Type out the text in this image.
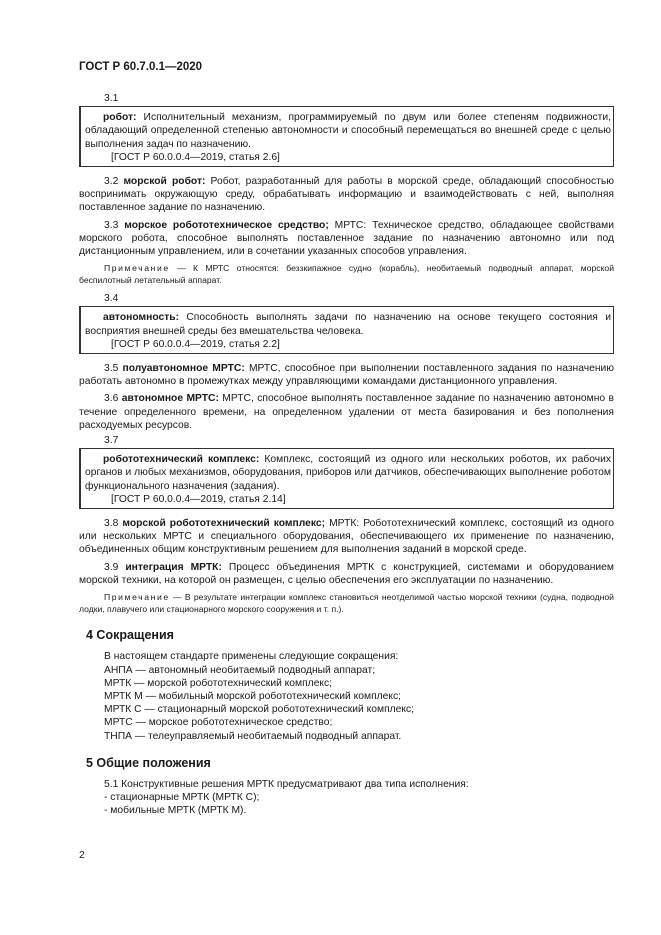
ГОСТ Р 60.7.0.1—2020

3.1

робот: Исполнительный механизм, программируемый по двум или более степеням подвижности, обладающий определенной степенью автономности и способный перемещаться во внешней среде с целью выполнения задач по назначению.

[ГОСТ Р 60.0.0.4—2019, статья 2.6]

3.2 морской робот: Робот, разработанный для работы в морской среде, обладающий способностью воспринимать окружающую среду, обрабатывать информацию и взаимодействовать с ней, выполняя поставленное задание по назначению.

3.3 морское робототехническое средство; МРТС: Техническое средство, обладающее свойствами морского робота, способное выполнять поставленное задание по назначению автономно или под дистанционным управлением, или в сочетании указанных способов управления.

Примечание — К МРТС относятся: беззкипажное судно (корабль), необитаемый подводный аппарат, морской беспилотный летательный аппарат.

3.4

автономность: Способность выполнять задачи по назначению на основе текущего состояния и восприятия внешней среды без вмешательства человека.

[ГОСТ Р 60.0.0.4—2019, статья 2.2]

3.5 полуавтономное МРТС: МРТС, способное при выполнении поставленного задания по назначению работать автономно в промежутках между управляющими командами дистанционного управления.

3.6 автономное МРТС: МРТС, способное выполнять поставленное задание по назначению автономно в течение определенного времени, на определенном удалении от места базирования и без пополнения расходуемых ресурсов.

3.7

робототехнический комплекс: Комплекс, состоящий из одного или нескольких роботов, их рабочих органов и любых механизмов, оборудования, приборов или датчиков, обеспечивающих выполнение роботом функционального назначения (задания).

[ГОСТ Р 60.0.0.4—2019, статья 2.14]

3.8 морской робототехнический комплекс; МРТК: Робототехнический комплекс, состоящий из одного или нескольких МРТС и специального оборудования, обеспечивающего их применение по назначению, объединенных общим конструктивным решением для выполнения заданий в морской среде.

3.9 интеграция МРТК: Процесс объединения МРТК с конструкцией, системами и оборудованием морской техники, на которой он размещен, с целью обеспечения его эксплуатации по назначению.

Примечание — В результате интеграции комплекс становиться неотделимой частью морской техники (судна, подводной лодки, плавучего или стационарного морского сооружения и т. п.).

4 Сокращения

В настоящем стандарте применены следующие сокращения:

АНПА — автономный необитаемый подводный аппарат;

МРТК — морской робототехнический комплекс;

МРТК М — мобильный морской робототехнический комплекс;

МРТК С — стационарный морской робототехнический комплекс;

МРТС — морское робототехническое средство;

ТНПА — телеуправляемый необитаемый подводный аппарат.

5 Общие положения

5.1 Конструктивные решения МРТК предусматривают два типа исполнения:

- стационарные МРТК (МРТК С);

- мобильные МРТК (МРТК М).

2
